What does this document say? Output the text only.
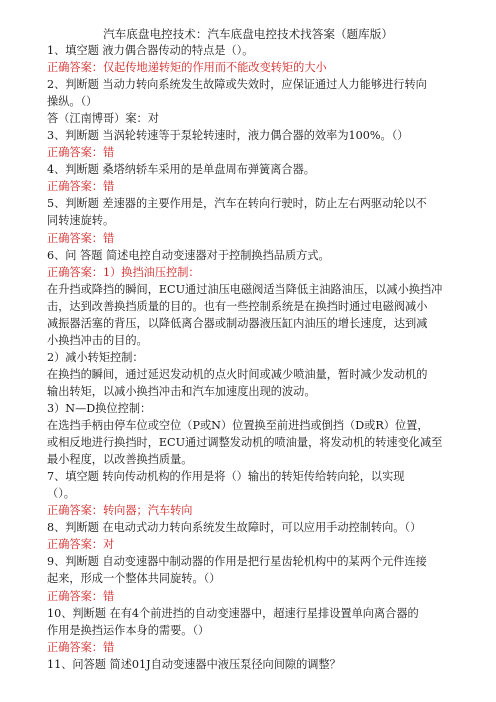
汽车底盘电控技术：汽车底盘电控技术找答案（题库版）
1、填空题 液力偶合器传动的特点是（）。
正确答案：仅起传地递转矩的作用而不能改变转矩的大小
2、判断题 当动力转向系统发生故障或失效时，应保证通过人力能够进行转向
操纵。（）
答（江南博哥）案：对
3、判断题 当涡轮转速等于泵轮转速时，液力偶合器的效率为100%。（）
正确答案：错
4、判断题 桑塔纳轿车采用的是单盘周布弹簧离合器。
正确答案：错
5、判断题 差速器的主要作用是，汽车在转向行驶时，防止左右两驱动轮以不
同转速旋转。
正确答案：错
6、问 答题 简述电控自动变速器对于控制换挡品质方式。
正确答案：1）换挡油压控制：
在升挡或降挡的瞬间，ECU通过油压电磁阀适当降低主油路油压，以减小换挡冲
击，达到改善换挡质量的目的。也有一些控制系统是在换挡时通过电磁阀减小
减振器活塞的背压，以降低离合器或制动器液压缸内油压的增长速度，达到减
小换挡冲击的目的。
2）减小转矩控制：
在换挡的瞬间，通过延迟发动机的点火时间或减少喷油量，暂时减少发动机的
输出转矩，以减小换挡冲击和汽车加速度出现的波动。
3）N—D换位控制：
在选挡手柄由停车位或空位（P或N）位置换至前进挡或倒挡（D或R）位置，
或相反地进行换挡时，ECU通过调整发动机的喷油量，将发动机的转速变化减至
最小程度，以改善换挡质量。
7、填空题 转向传动机构的作用是将（）输出的转矩传给转向轮，以实现
（）。
正确答案：转向器；汽车转向
8、判断题 在电动式动力转向系统发生故障时，可以应用手动控制转向。（）
正确答案：对
9、判断题 自动变速器中制动器的作用是把行星齿轮机构中的某两个元件连接
起来，形成一个整体共同旋转。（）
正确答案：错
10、判断题 在有4个前进挡的自动变速器中，超速行星排设置单向离合器的
作用是换挡运作本身的需要。（）
正确答案：错
11、问答题 简述01J自动变速器中液压泵径向间隙的调整？
